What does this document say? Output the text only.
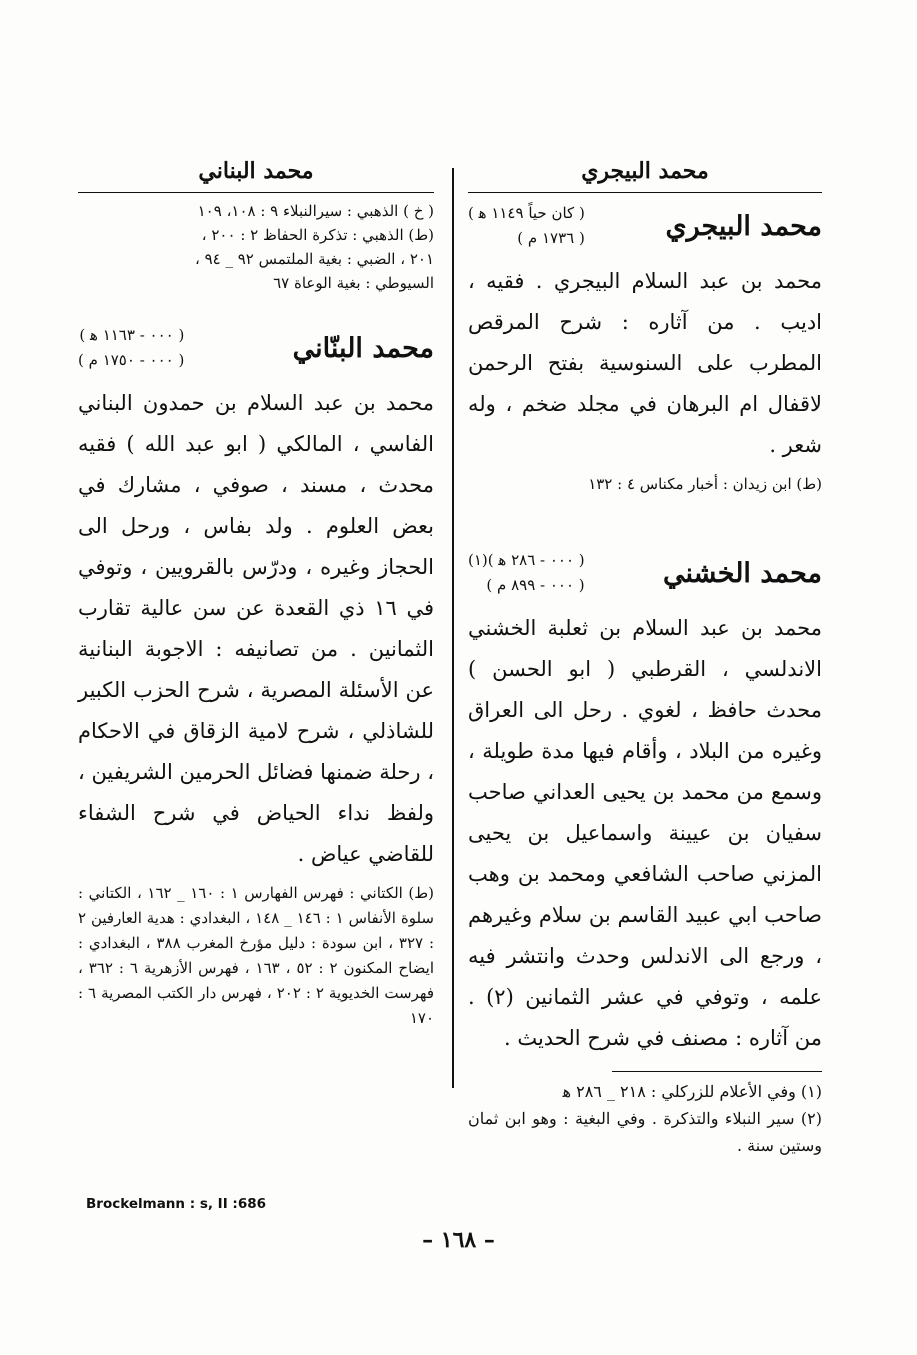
محمد البيجري
محمد البيجري
( كان حياً ١١٤٩ ﻫ )
( ١٧٣٦ م )

محمد بن عبد السلام البيجري . فقيه ، اديب . من آثاره : شرح المرقص المطرب على السنوسية بفتح الرحمن لاقفال ام البرهان في مجلد ضخم ، وله شعر .

(ط) ابن زيدان : أخبار مكناس ٤ : ١٣٢

محمد الخشني
( ٠٠٠ - ٢٨٦ ﻫ )(١)
( ٠٠٠ - ٨٩٩ م )

محمد بن عبد السلام بن ثعلبة الخشني الاندلسي ، القرطبي ( ابو الحسن ) محدث حافظ ، لغوي . رحل الى العراق وغيره من البلاد ، وأقام فيها مدة طويلة ، وسمع من محمد بن يحيى العداني صاحب سفيان بن عيينة واسماعيل بن يحيى المزني صاحب الشافعي ومحمد بن وهب صاحب ابي عبيد القاسم بن سلام وغيرهم ، ورجع الى الاندلس وحدث وانتشر فيه علمه ، وتوفي في عشر الثمانين (٢) . من آثاره : مصنف في شرح الحديث .

(١) وفي الأعلام للزركلي : ٢١٨ _ ٢٨٦ ﻫ

(٢) سير النبلاء والتذكرة . وفي البغية : وهو ابن ثمان وستين سنة .

محمد البناني

( خ ) الذهبي : سيرالنبلاء ٩ : ١٠٨، ١٠٩

(ط) الذهبي : تذكرة الحفاظ ٢ : ٢٠٠ ،

٢٠١ ، الضبي : بغية الملتمس ٩٢ _ ٩٤ ،

السيوطي : بغية الوعاة ٦٧

محمد البنّاني
( ٠٠٠ - ١١٦٣ ﻫ )
( ٠٠٠ - ١٧٥٠ م )

محمد بن عبد السلام بن حمدون البناني الفاسي ، المالكي ( ابو عبد الله ) فقيه محدث ، مسند ، صوفي ، مشارك في بعض العلوم . ولد بفاس ، ورحل الى الحجاز وغيره ، ودرّس بالقرويين ، وتوفي في ١٦ ذي القعدة عن سن عالية تقارب الثمانين . من تصانيفه : الاجوبة البنانية عن الأسئلة المصرية ، شرح الحزب الكبير للشاذلي ، شرح لامية الزقاق في الاحكام ، رحلة ضمنها فضائل الحرمين الشريفين ، ولفظ نداء الحياض في شرح الشفاء للقاضي عياض .

(ط) الكتاني : فهرس الفهارس ١ : ١٦٠ _ ١٦٢ ، الكتاني : سلوة الأنفاس ١ : ١٤٦ _ ١٤٨ ، البغدادي : هدية العارفين ٢ : ٣٢٧ ، ابن سودة : دليل مؤرخ المغرب ٣٨٨ ، البغدادي : ايضاح المكنون ٢ : ٥٢ ، ١٦٣ ، فهرس الأزهرية ٦ : ٣٦٢ ، فهرست الخديوية ٢ : ٢٠٢ ، فهرس دار الكتب المصرية ٦ : ١٧٠

Brockelmann : s, II :686
– ١٦٨ –
